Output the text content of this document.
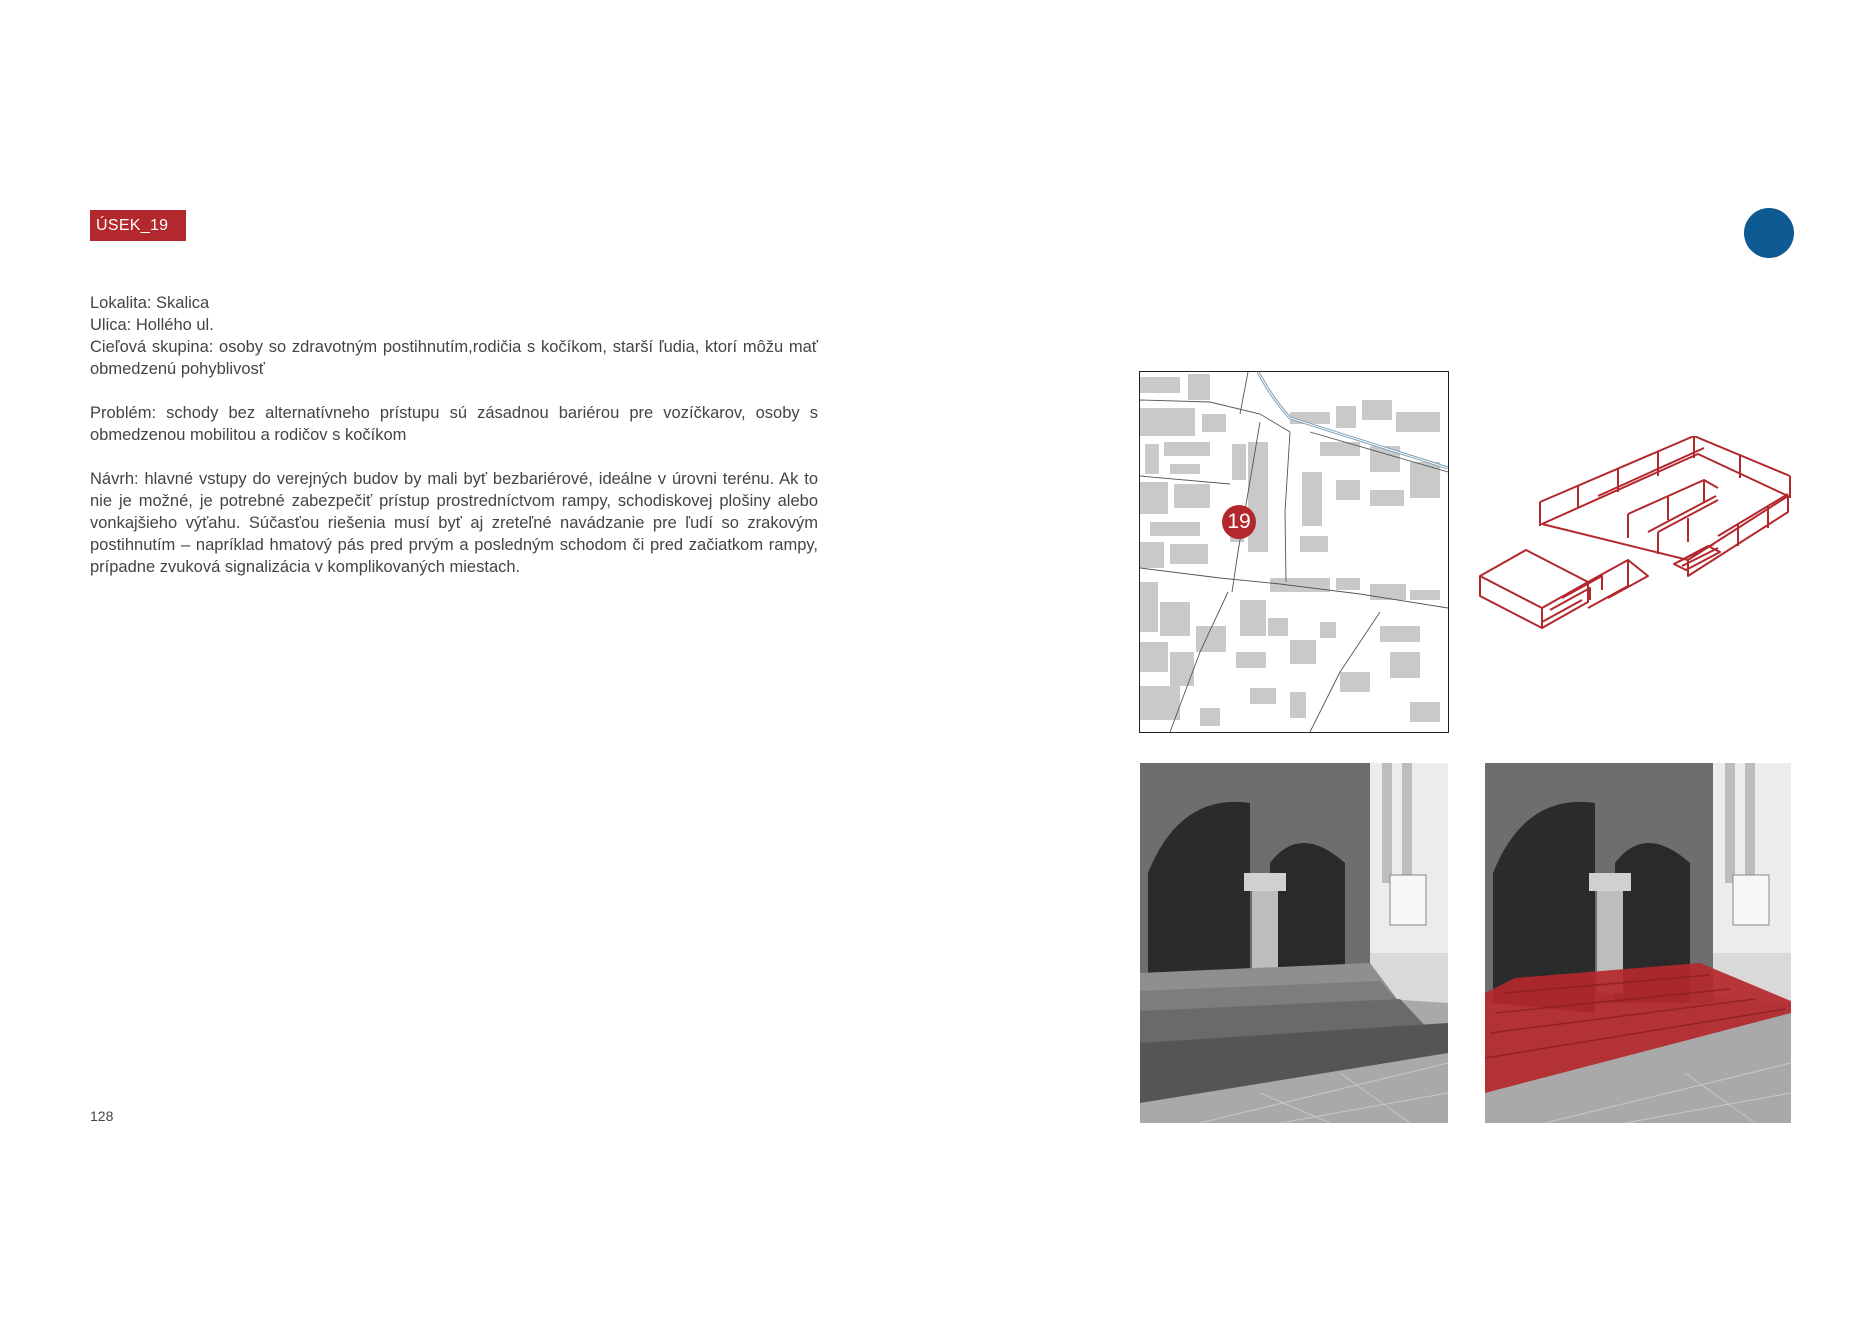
ÚSEK_19

Lokalita: Skalica

Ulica: Hollého ul.

Cieľová skupina: osoby so zdravotným postihnutím,rodičia s kočíkom, starší ľudia, ktorí môžu mať obmedzenú pohyblivosť

Problém: schody bez alternatívneho prístupu sú zásadnou bariérou pre vozíčkarov, osoby s obmedzenou mobilitou a rodičov s kočíkom

Návrh: hlavné vstupy do verejných budov by mali byť bezbariérové, ideálne v úrovni terénu. Ak to nie je možné, je potrebné zabezpečiť prístup prostredníctvom rampy, schodiskovej plošiny alebo vonkajšieho výťahu. Súčasťou riešenia musí byť aj zreteľné navádzanie pre ľudí so zrakovým postihnutím – napríklad hmatový pás pred prvým a posledným schodom či pred začiatkom rampy, prípadne zvuková signalizácia v komplikovaných miestach.

128
19
